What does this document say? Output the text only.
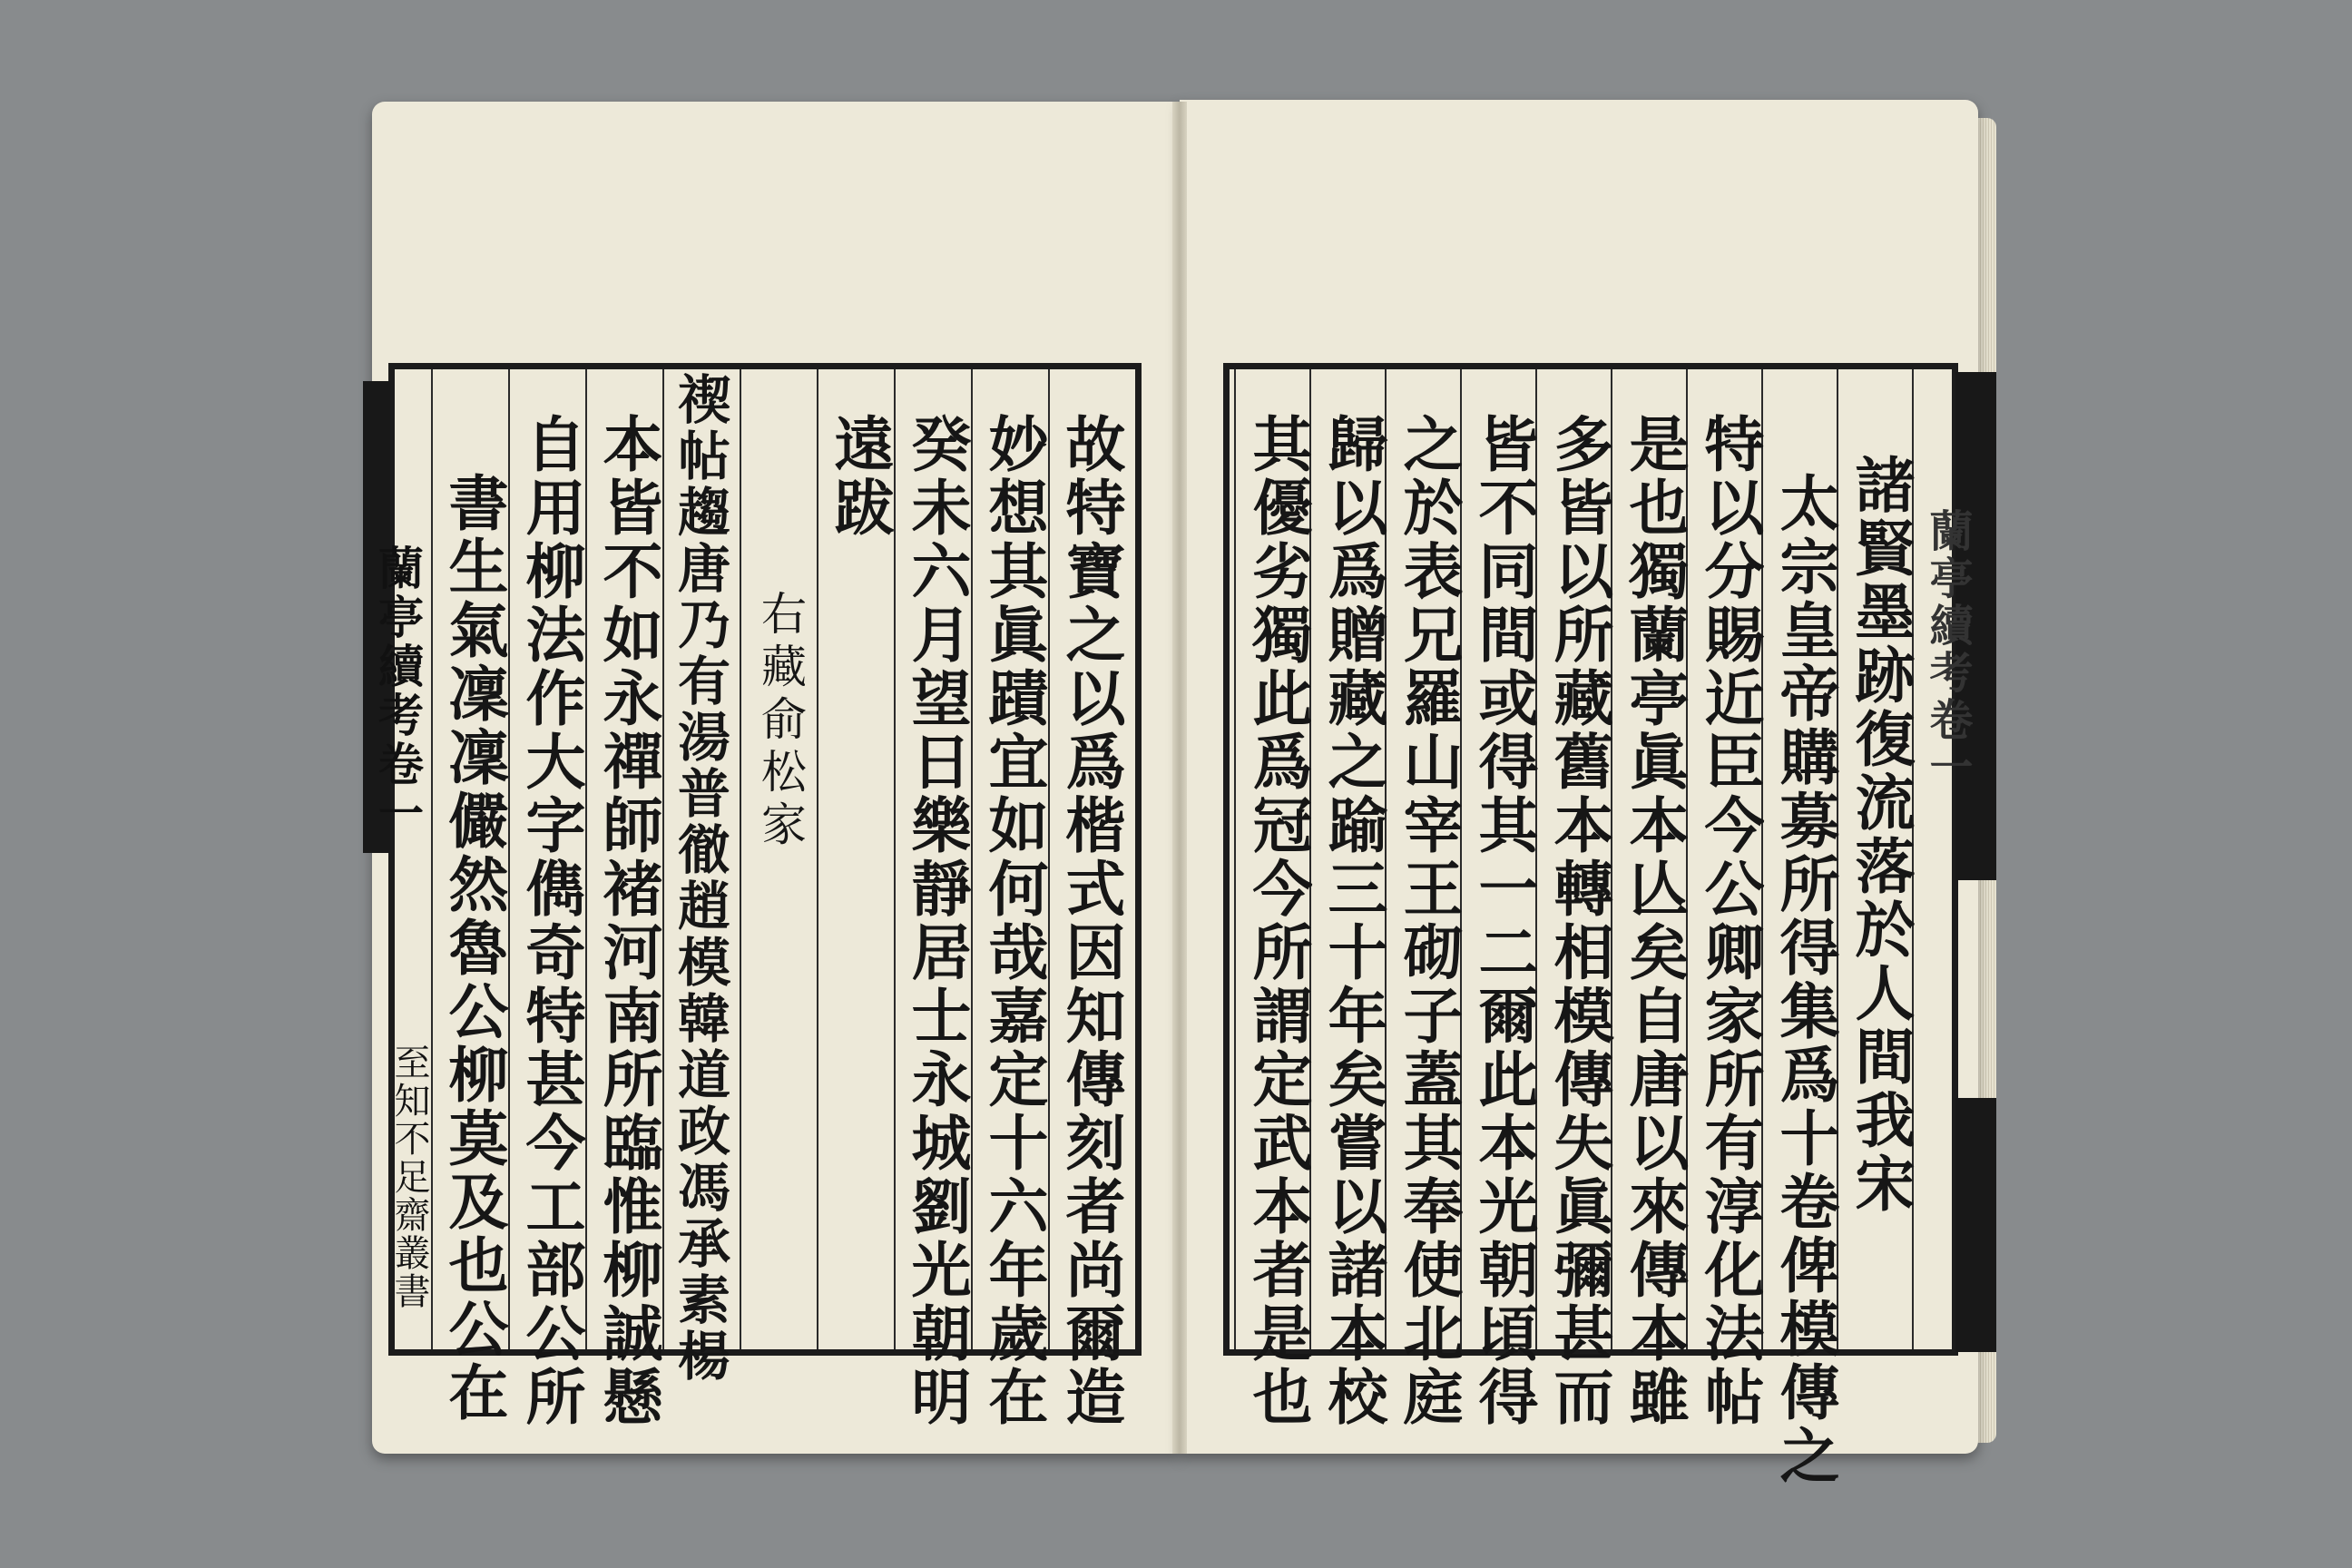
蘭亭續考卷一
至知不足齋叢書	故特寶之以爲楷式因知傳刻者尚爾造
妙想其眞蹟宜如何哉嘉定十六年歲在
癸未六月望日樂靜居士永城劉光朝明
遠跋
右藏俞松家
禊帖趨唐乃有湯普徹趙模韓道政馮承素楊
本皆不如永禪師褚河南所臨惟柳誠懸
自用柳法作大字儁奇特甚今工部公所
書生氣凜凜儼然魯公柳莫及也公在	蘭亭續考卷一
諸賢墨跡復流落於人間我宋
太宗皇帝購募所得集爲十卷俾模傳之
特以分賜近臣今公卿家所有淳化法帖
是也獨蘭亭眞本亾矣自唐以來傳本雖
多皆以所藏舊本轉相模傳失眞彌甚而
皆不同間或得其一二爾此本光朝頃得
之於表兄羅山宰王砌子蓋其奉使北庭
歸以爲贈藏之踰三十年矣嘗以諸本校
其優劣獨此爲冠今所謂定武本者是也
